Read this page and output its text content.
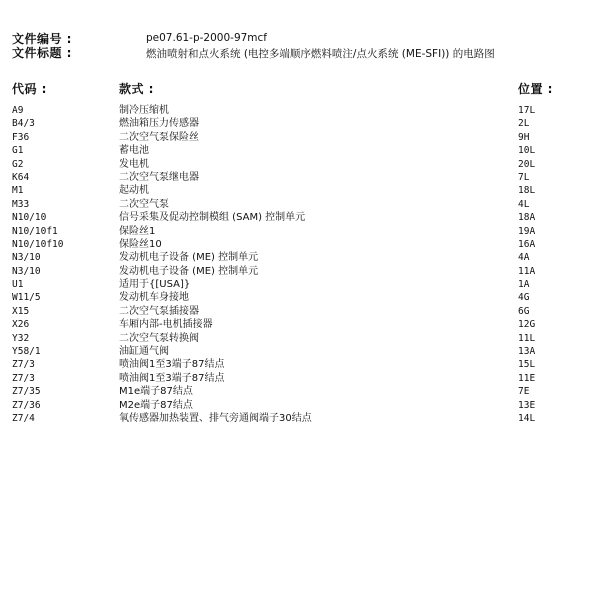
文件编号 :	pe07.61-p-2000-97mcf
文件标题 :	燃油喷射和点火系统 (电控多端顺序燃料喷注/点火系统 (ME-SFI)) 的电路图
代码 :	款式 :	位置 :
A9	制冷压缩机	17L
B4/3	燃油箱压力传感器	2L
F36	二次空气泵保险丝	9H
G1	蓄电池	10L
G2	发电机	20L
K64	二次空气泵继电器	7L
M1	起动机	18L
M33	二次空气泵	4L
N10/10	信号采集及促动控制模组 (SAM) 控制单元	18A
N10/10f1	保险丝1	19A
N10/10f10	保险丝10	16A
N3/10	发动机电子设备 (ME) 控制单元	4A
N3/10	发动机电子设备 (ME) 控制单元	11A
U1	适用于{[USA]}	1A
W11/5	发动机车身接地	4G
X15	二次空气泵插接器	6G
X26	车厢内部-电机插接器	12G
Y32	二次空气泵转换阀	11L
Y58/1	油缸通气阀	13A
Z7/3	喷油阀1至3端子87结点	15L
Z7/3	喷油阀1至3端子87结点	11E
Z7/35	M1e端子87结点	7E
Z7/36	M2e端子87结点	13E
Z7/4	氧传感器加热装置、排气旁通阀端子30结点	14L
